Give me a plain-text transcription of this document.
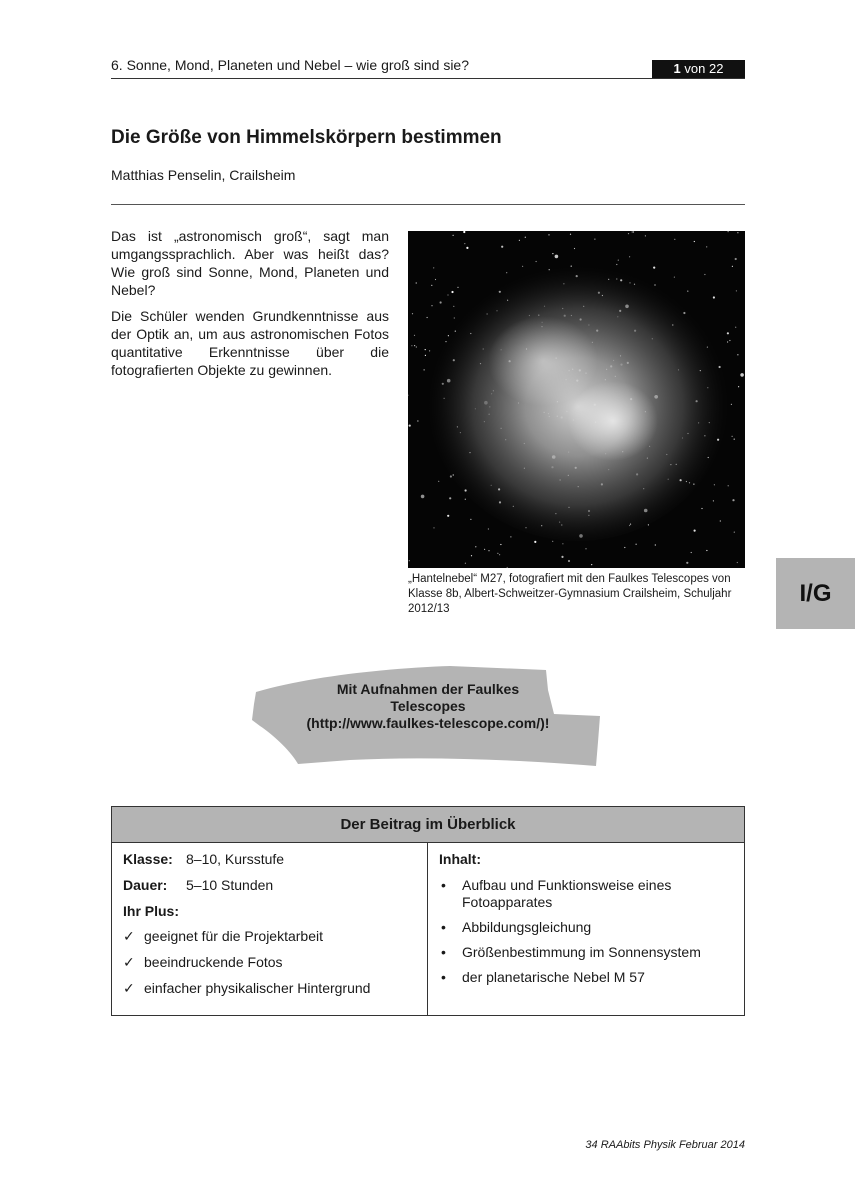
6. Sonne, Mond, Planeten und Nebel – wie groß sind sie?	1 von 22
Die Größe von Himmelskörpern bestimmen
Matthias Penselin, Crailsheim

Das ist „astronomisch groß“, sagt man umgangssprachlich. Aber was heißt das? Wie groß sind Sonne, Mond, Planeten und Nebel?

Die Schüler wenden Grundkenntnisse aus der Optik an, um aus astronomischen Fotos quantitative Erkenntnisse über die fotografierten Objekte zu gewinnen.

„Hantelnebel“ M27, fotografiert mit den Faulkes Telescopes von Klasse 8b, Albert-Schweitzer-Gymnasium Crailsheim, Schuljahr 2012/13
I/G
Mit Aufnahmen der Faulkes
Telescopes
(http://www.faulkes-telescope.com/)!
Der Beitrag im Überblick
Klasse: 8–10, Kursstufe
Dauer: 5–10 Stunden
Ihr Plus:
✓ geeignet für die Projektarbeit
✓ beeindruckende Fotos
✓ einfacher physikalischer Hintergrund
Inhalt:
•	Aufbau und Funktionsweise eines Fotoapparates
•	Abbildungsgleichung
•	Größenbestimmung im Sonnensystem
•	der planetarische Nebel M 57
34 RAAbits Physik Februar 2014
